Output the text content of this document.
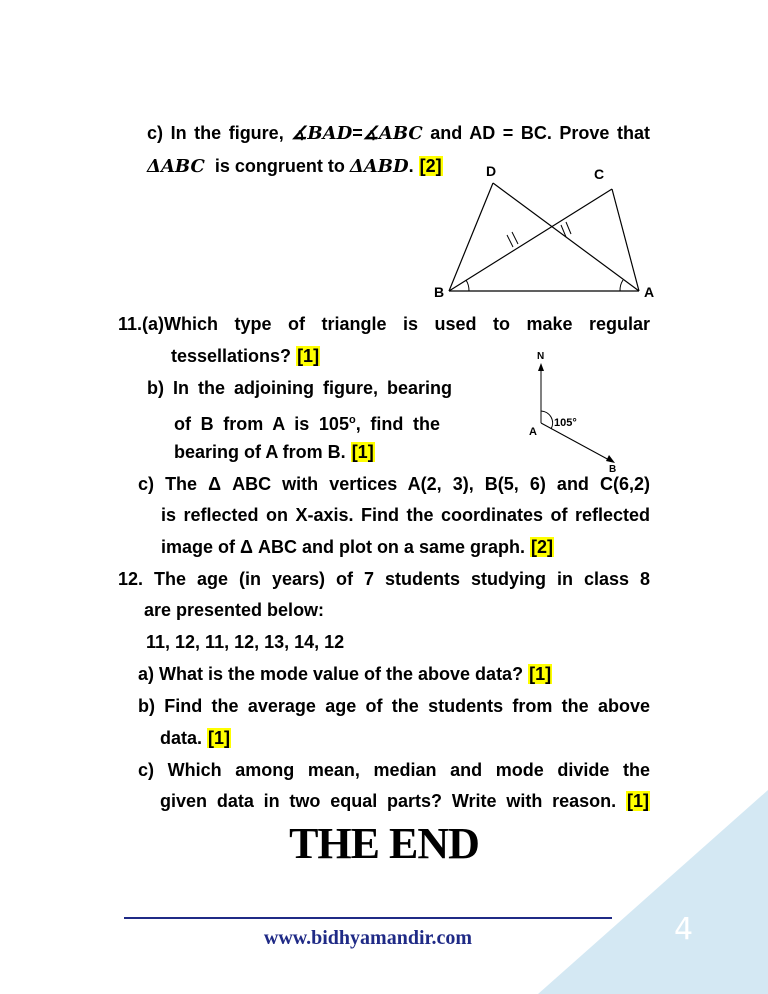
c) In the figure, ∡BAD=∡ABC and AD = BC. Prove that
ΔABC is congruent to ΔABD. [2]	D	C
B	A
11.(a)Which type of triangle is used to make regular
tessellations? [1]
b) In the adjoining figure, bearing
of B from A is 105$^o$, find the
bearing of A from B. [1]
N
A
B
105°
c) The Δ ABC with vertices A(2, 3), B(5, 6) and C(6,2)
is reflected on X-axis. Find the coordinates of reflected
image of Δ ABC and plot on a same graph. [2]
12. The age (in years) of 7 students studying in class 8
are presented below:
11, 12, 11, 12, 13, 14, 12
a) What is the mode value of the above data? [1]
b) Find the average age of the students from the above
data. [1]
c) Which among mean, median and mode divide the
given data in two equal parts? Write with reason. [1]
THE END
www.bidhyamandir.com	4
